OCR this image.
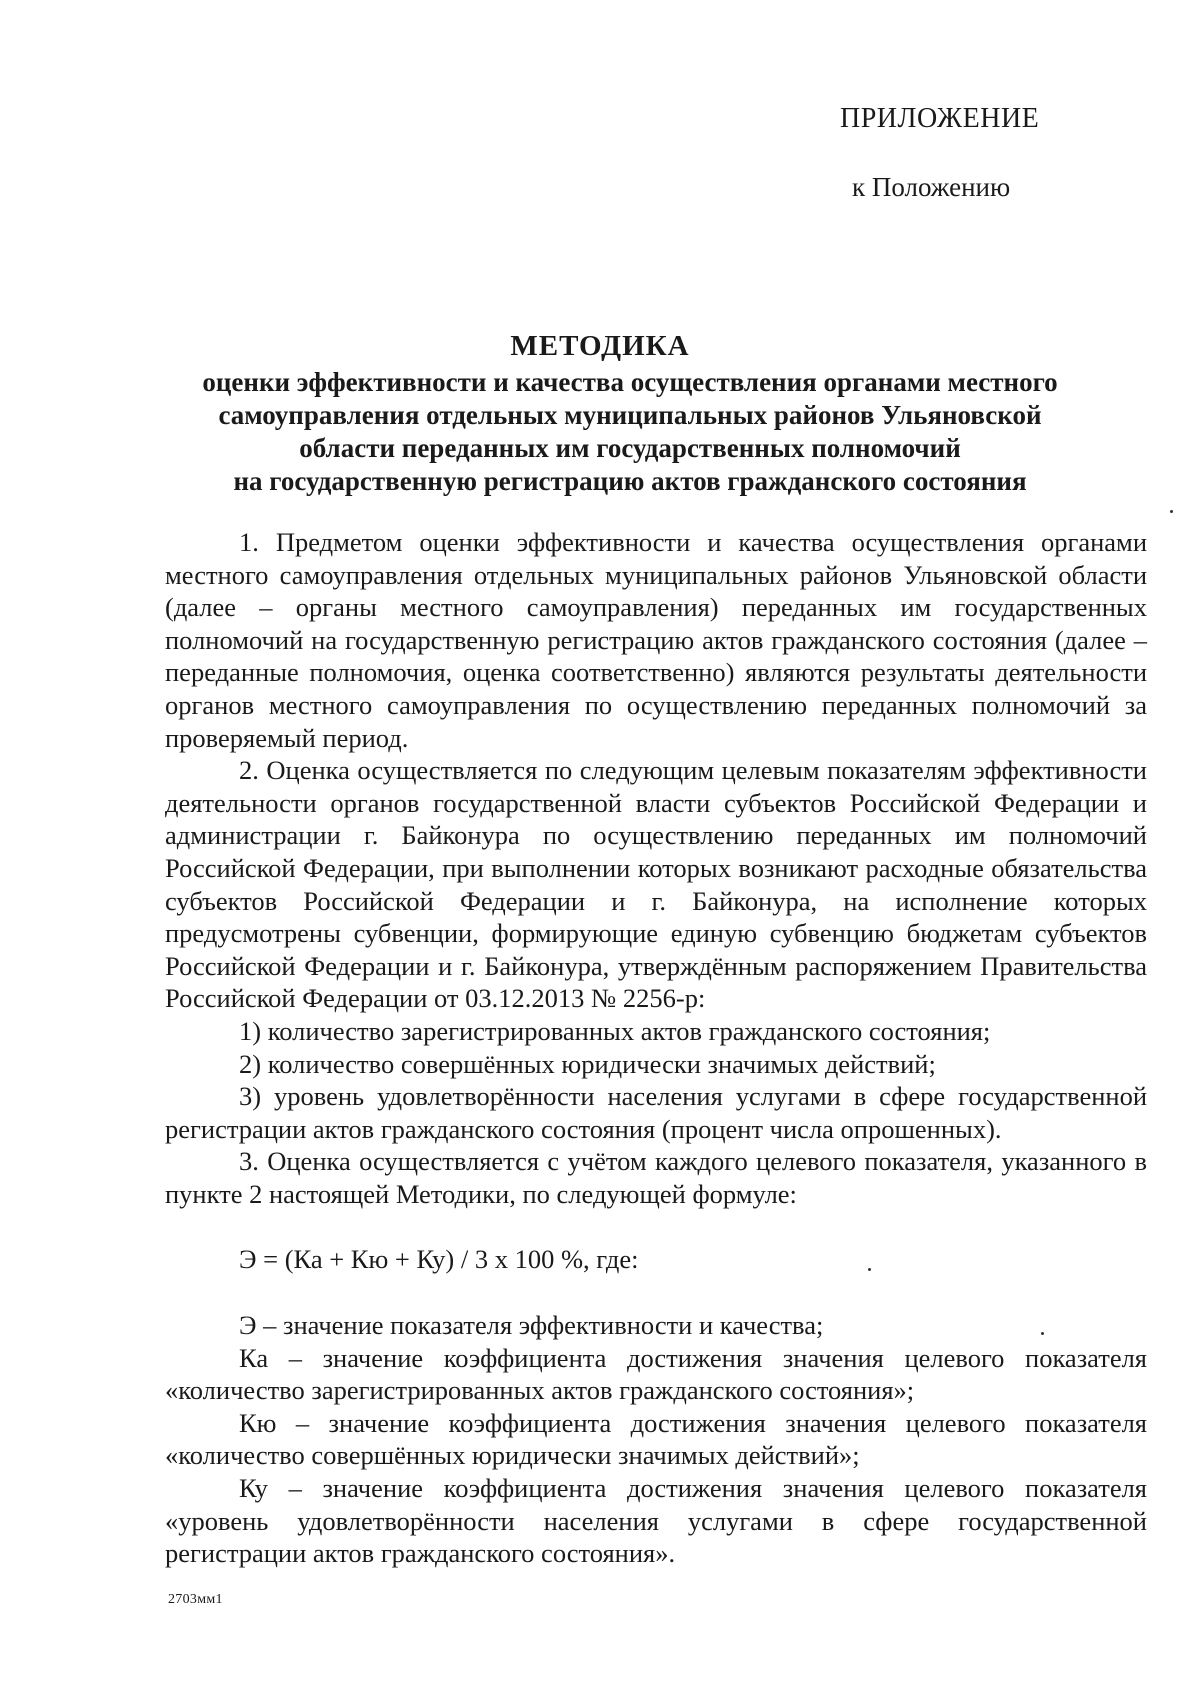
ПРИЛОЖЕНИЕ
к Положению
МЕТОДИКА
оценки эффективности и качества осуществления органами местного
самоуправления отдельных муниципальных районов Ульяновской
области переданных им государственных полномочий
на государственную регистрацию актов гражданского состояния

1. Предметом оценки эффективности и качества осуществления органами местного самоуправления отдельных муниципальных районов Ульяновской области (далее – органы местного самоуправления) переданных им государственных полномочий на государственную регистрацию актов гражданского состояния (далее – переданные полномочия, оценка соответственно) являются результаты деятельности органов местного самоуправления по осуществлению переданных полномочий за проверяемый период.

2. Оценка осуществляется по следующим целевым показателям эффективности деятельности органов государственной власти субъектов Российской Федерации и администрации г. Байконура по осуществлению переданных им полномочий Российской Федерации, при выполнении которых возникают расходные обязательства субъектов Российской Федерации и г. Байконура, на исполнение которых предусмотрены субвенции, формирующие единую субвенцию бюджетам субъектов Российской Федерации и г. Байконура, утверждённым распоряжением Правительства Российской Федерации от 03.12.2013 № 2256-р:

1) количество зарегистрированных актов гражданского состояния;

2) количество совершённых юридически значимых действий;

3) уровень удовлетворённости населения услугами в сфере государственной регистрации актов гражданского состояния (процент числа опрошенных).

3. Оценка осуществляется с учётом каждого целевого показателя, указанного в пункте 2 настоящей Методики, по следующей формуле:

Э = (Ка + Кю + Ку) / 3 х 100 %, где:

Э – значение показателя эффективности и качества;

Ка – значение коэффициента достижения значения целевого показателя «количество зарегистрированных актов гражданского состояния»;

Кю – значение коэффициента достижения значения целевого показателя «количество совершённых юридически значимых действий»;

Ку – значение коэффициента достижения значения целевого показателя «уровень удовлетворённости населения услугами в сфере государственной регистрации актов гражданского состояния».

2703мм1
